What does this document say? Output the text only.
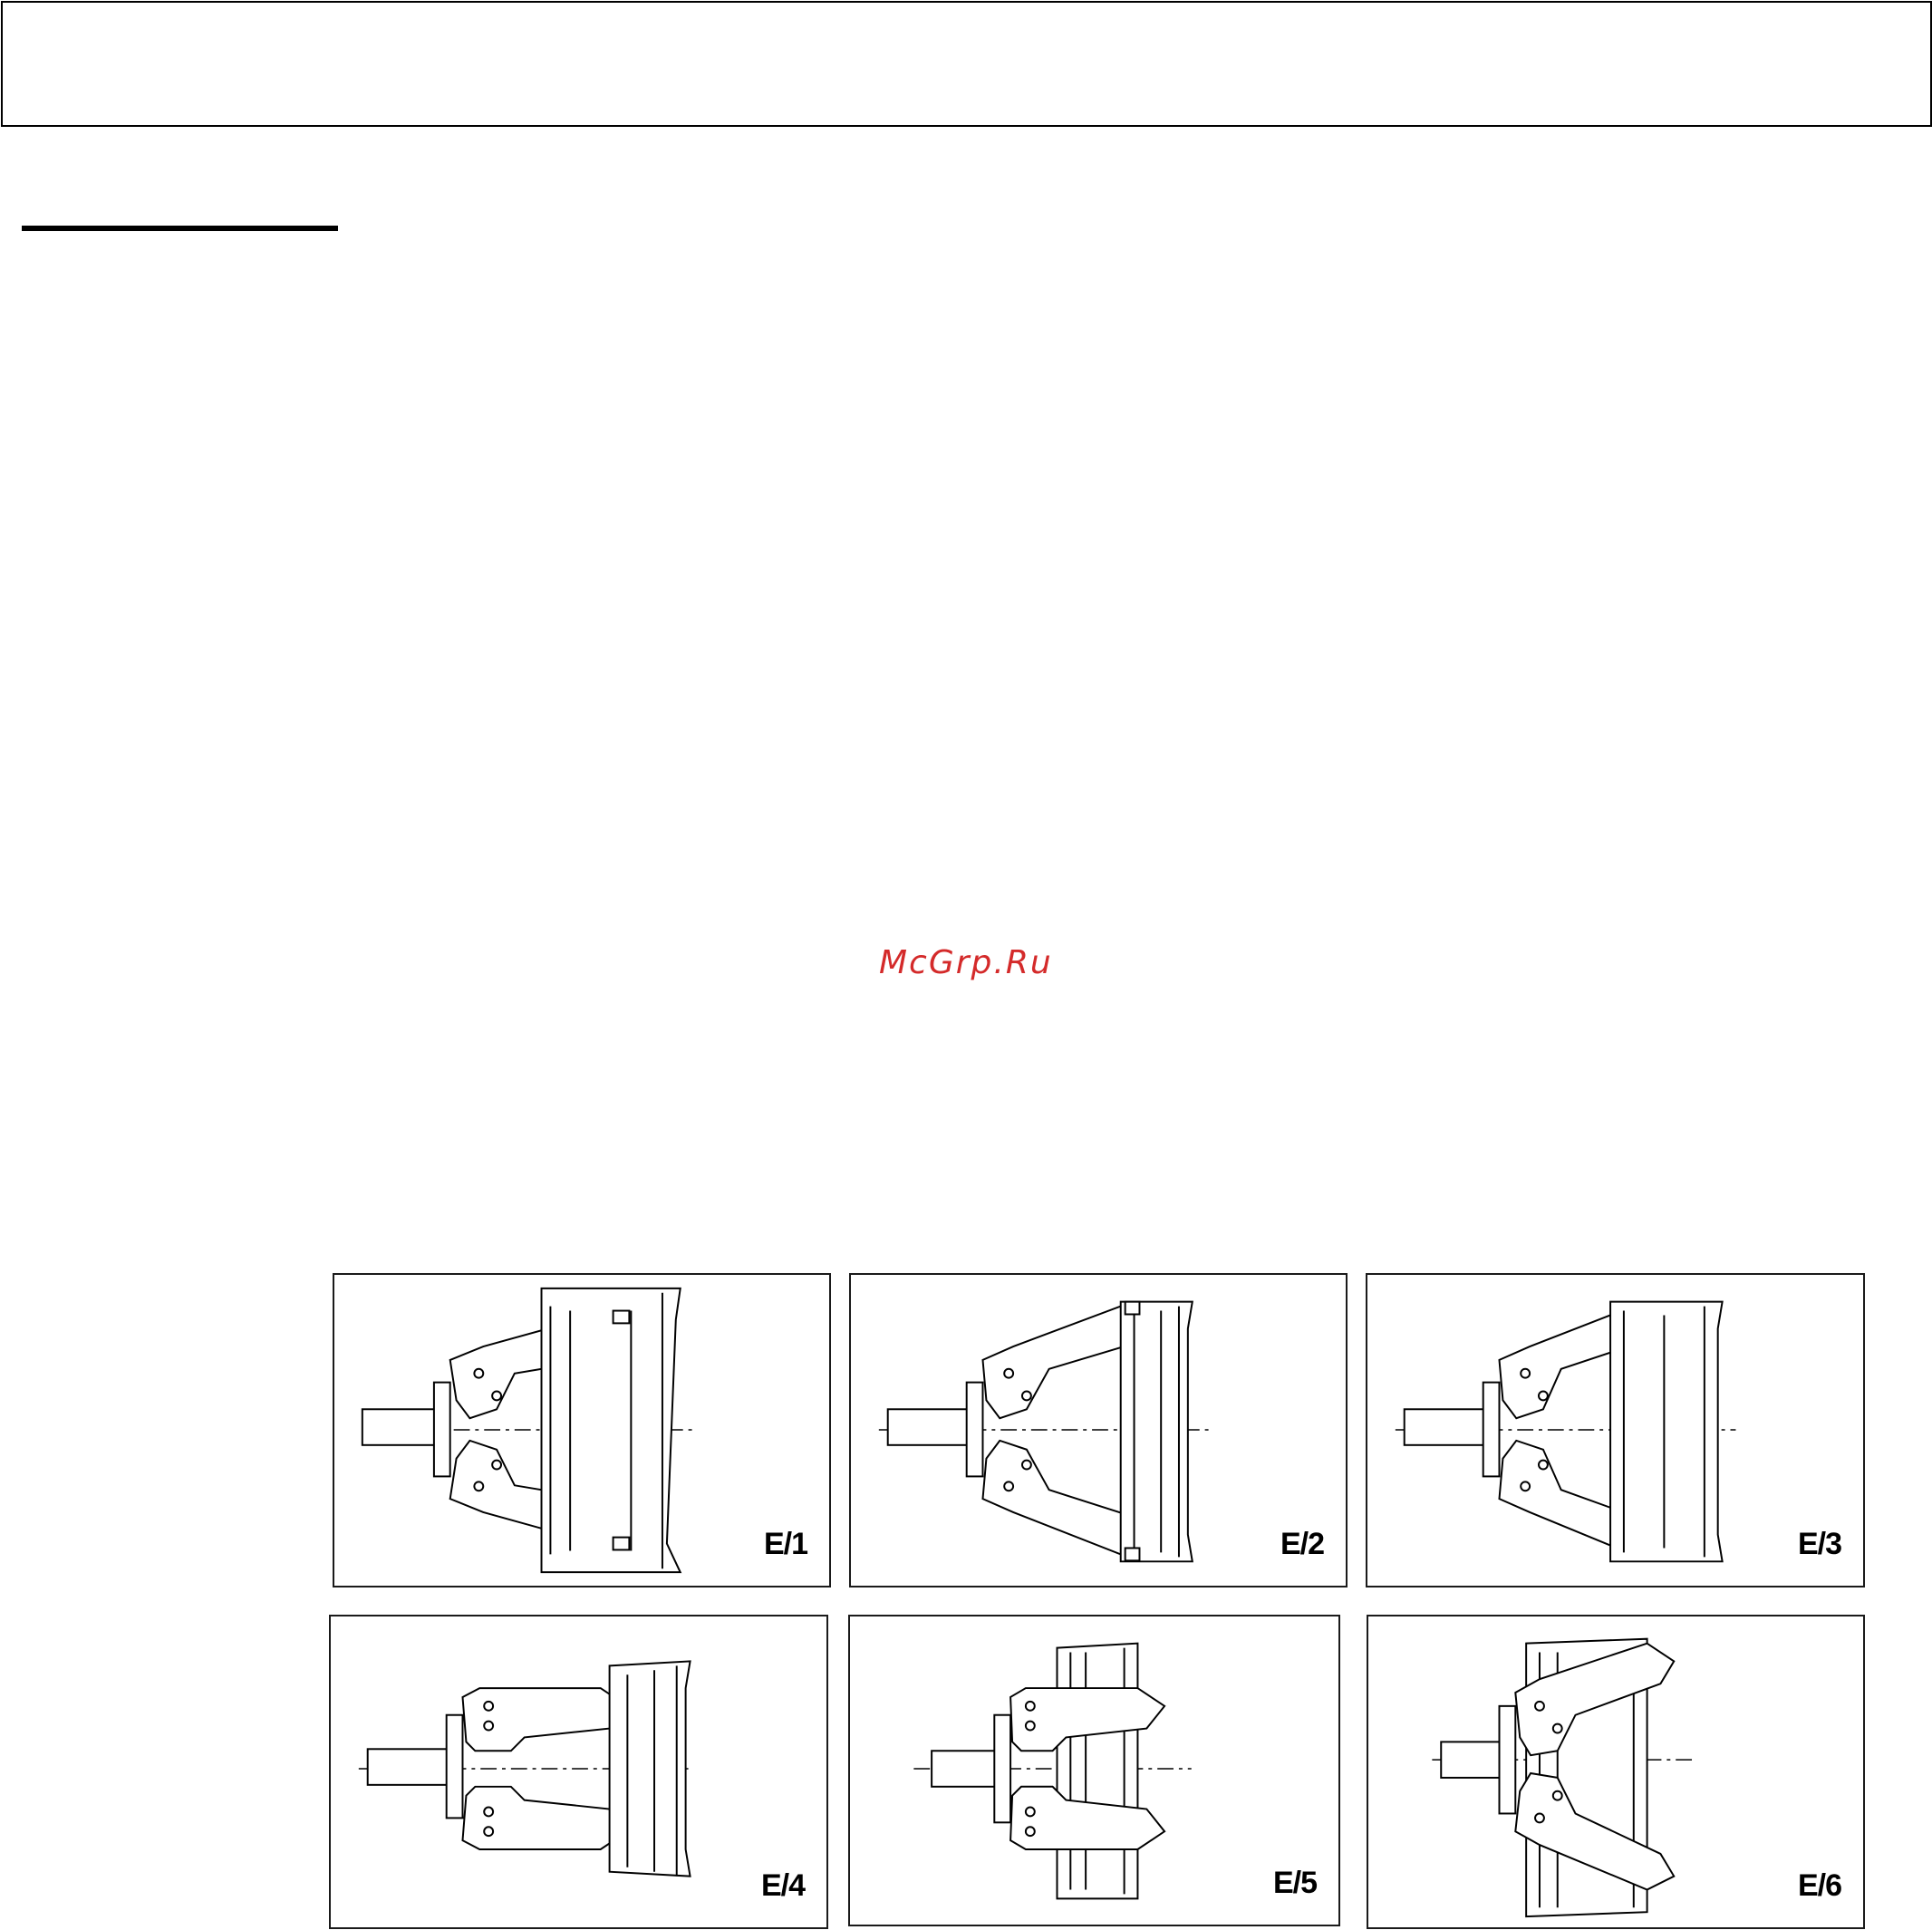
McGrp.Ru
E/1	E/2	E/3
E/4	E/5	E/6
